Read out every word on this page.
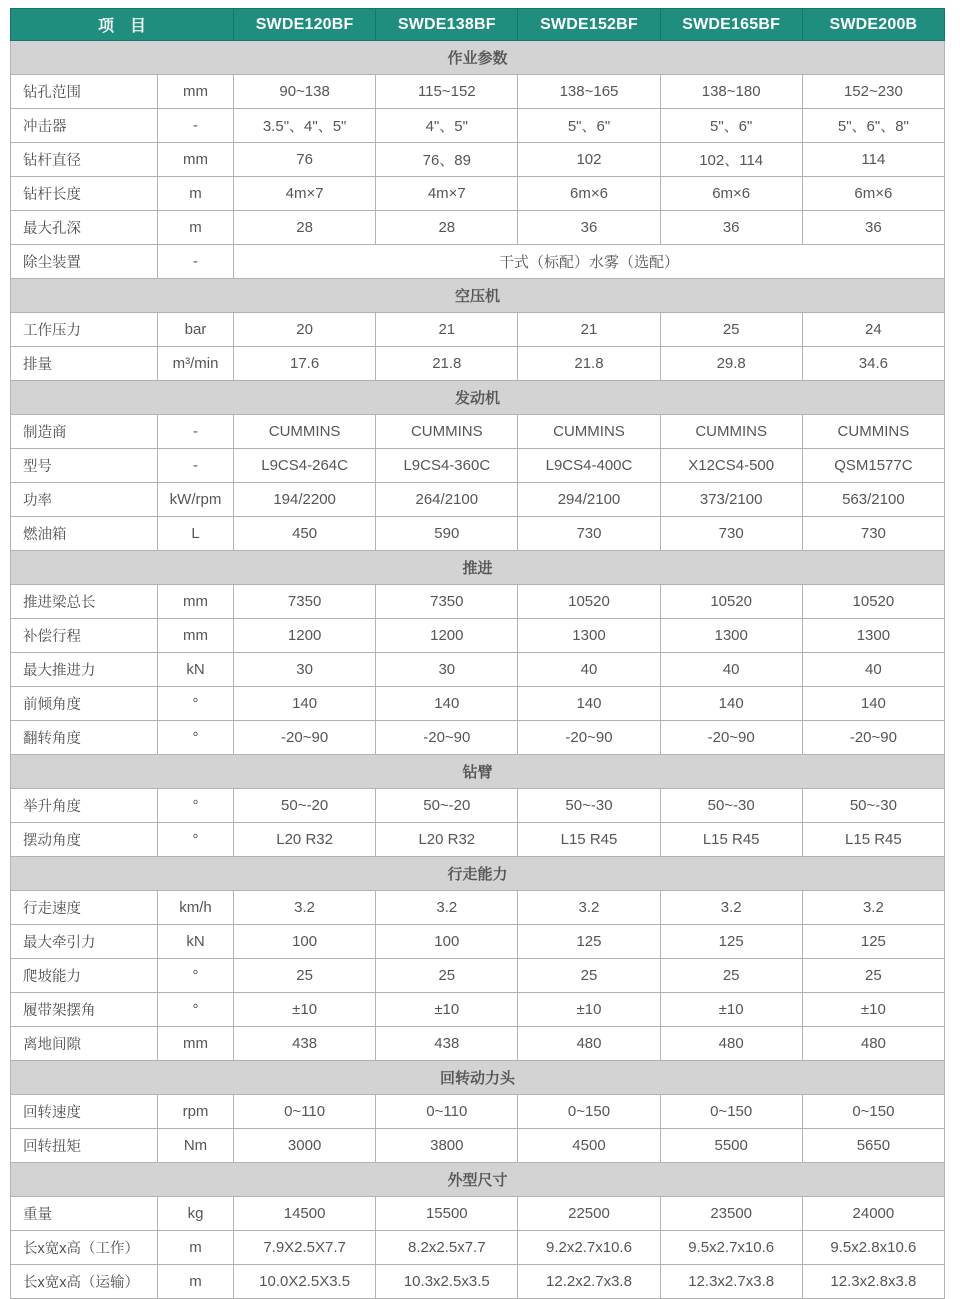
项　目		SWDE120BF	SWDE138BF	SWDE152BF	SWDE165BF	SWDE200B
作业参数						
钻孔范围	mm	90~138	115~152	138~165	138~180	152~230
冲击器	-	3.5"、4"、5"	4"、5"	5"、6"	5"、6"	5"、6"、8"
钻杆直径	mm	76	76、89	102	102、114	114
钻杆长度	m	4m×7	4m×7	6m×6	6m×6	6m×6
最大孔深	m	28	28	36	36	36
除尘装置	-	干式（标配）水雾（选配）				
空压机						
工作压力	bar	20	21	21	25	24
排量	m³/min	17.6	21.8	21.8	29.8	34.6
发动机						
制造商	-	CUMMINS	CUMMINS	CUMMINS	CUMMINS	CUMMINS
型号	-	L9CS4-264C	L9CS4-360C	L9CS4-400C	X12CS4-500	QSM1577C
功率	kW/rpm	194/2200	264/2100	294/2100	373/2100	563/2100
燃油箱	L	450	590	730	730	730
推进						
推进梁总长	mm	7350	7350	10520	10520	10520
补偿行程	mm	1200	1200	1300	1300	1300
最大推进力	kN	30	30	40	40	40
前倾角度	°	140	140	140	140	140
翻转角度	°	-20~90	-20~90	-20~90	-20~90	-20~90
钻臂						
举升角度	°	50~-20	50~-20	50~-30	50~-30	50~-30
摆动角度	°	L20 R32	L20 R32	L15 R45	L15 R45	L15 R45
行走能力						
行走速度	km/h	3.2	3.2	3.2	3.2	3.2
最大牵引力	kN	100	100	125	125	125
爬坡能力	°	25	25	25	25	25
履带架摆角	°	±10	±10	±10	±10	±10
离地间隙	mm	438	438	480	480	480
回转动力头						
回转速度	rpm	0~110	0~110	0~150	0~150	0~150
回转扭矩	Nm	3000	3800	4500	5500	5650
外型尺寸						
重量	kg	14500	15500	22500	23500	24000
长x宽x高（工作）	m	7.9X2.5X7.7	8.2x2.5x7.7	9.2x2.7x10.6	9.5x2.7x10.6	9.5x2.8x10.6
长x宽x高（运输）	m	10.0X2.5X3.5	10.3x2.5x3.5	12.2x2.7x3.8	12.3x2.7x3.8	12.3x2.8x3.8
